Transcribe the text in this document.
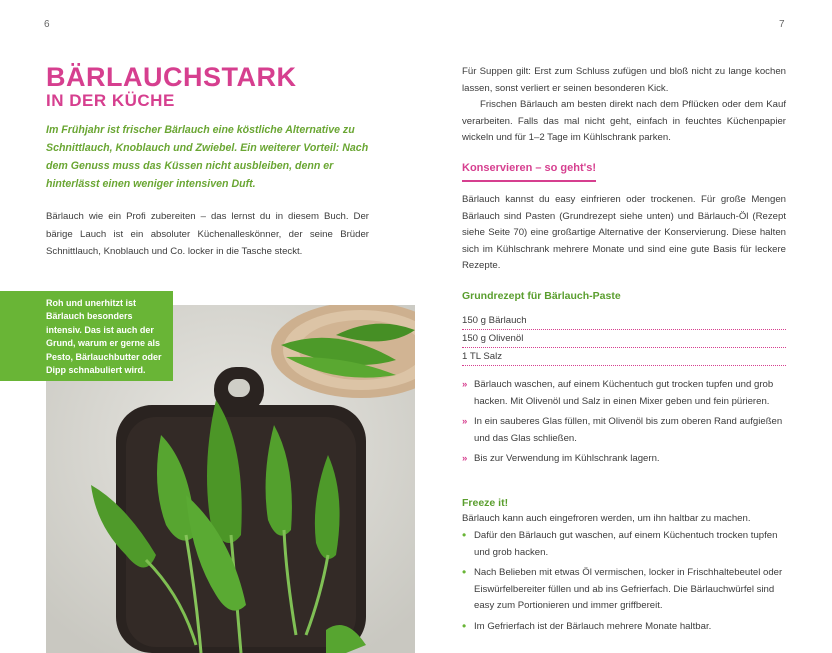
6	7
BÄRLAUCHSTARK
IN DER KÜCHE
Im Frühjahr ist frischer Bärlauch eine köstliche Alternative zu Schnittlauch, Knoblauch und Zwiebel. Ein weiterer Vorteil: Nach dem Genuss muss das Küssen nicht ausbleiben, denn er hinterlässt einen weniger intensiven Duft.
Bärlauch wie ein Profi zubereiten – das lernst du in diesem Buch. Der bärige Lauch ist ein absoluter Küchenalleskönner, der seine Brüder Schnittlauch, Knoblauch und Co. locker in die Tasche steckt.
Roh und unerhitzt ist Bärlauch besonders intensiv. Das ist auch der Grund, warum er gerne als Pesto, Bärlauchbutter oder Dipp schnabuliert wird.
Für Suppen gilt: Erst zum Schluss zufügen und bloß nicht zu lange kochen lassen, sonst verliert er seinen besonderen Kick.
Frischen Bärlauch am besten direkt nach dem Pflücken oder dem Kauf verarbeiten. Falls das mal nicht geht, einfach in feuchtes Küchenpapier wickeln und für 1–2 Tage im Kühlschrank parken.
Konservieren – so geht's!
Bärlauch kannst du easy einfrieren oder trockenen. Für große Mengen Bärlauch sind Pasten (Grundrezept siehe unten) und Bärlauch-Öl (Rezept siehe Seite 70) eine großartige Alternative der Konservierung. Diese halten sich im Kühlschrank mehrere Monate und sind eine gute Basis für leckere Rezepte.
Grundrezept für Bärlauch-Paste
150 g Bärlauch
150 g Olivenöl
1 TL Salz
» Bärlauch waschen, auf einem Küchentuch gut trocken tupfen und grob hacken. Mit Olivenöl und Salz in einen Mixer geben und fein pürieren.
» In ein sauberes Glas füllen, mit Olivenöl bis zum oberen Rand aufgießen und das Glas schließen.
» Bis zur Verwendung im Kühlschrank lagern.
Freeze it!
Bärlauch kann auch eingefroren werden, um ihn haltbar zu machen.
• Dafür den Bärlauch gut waschen, auf einem Küchentuch trocken tupfen und grob hacken.
• Nach Belieben mit etwas Öl vermischen, locker in Frischhaltebeutel oder Eiswürfelbereiter füllen und ab ins Gefrierfach. Die Bärlauchwürfel sind easy zum Portionieren und immer griffbereit.
• Im Gefrierfach ist der Bärlauch mehrere Monate haltbar.
